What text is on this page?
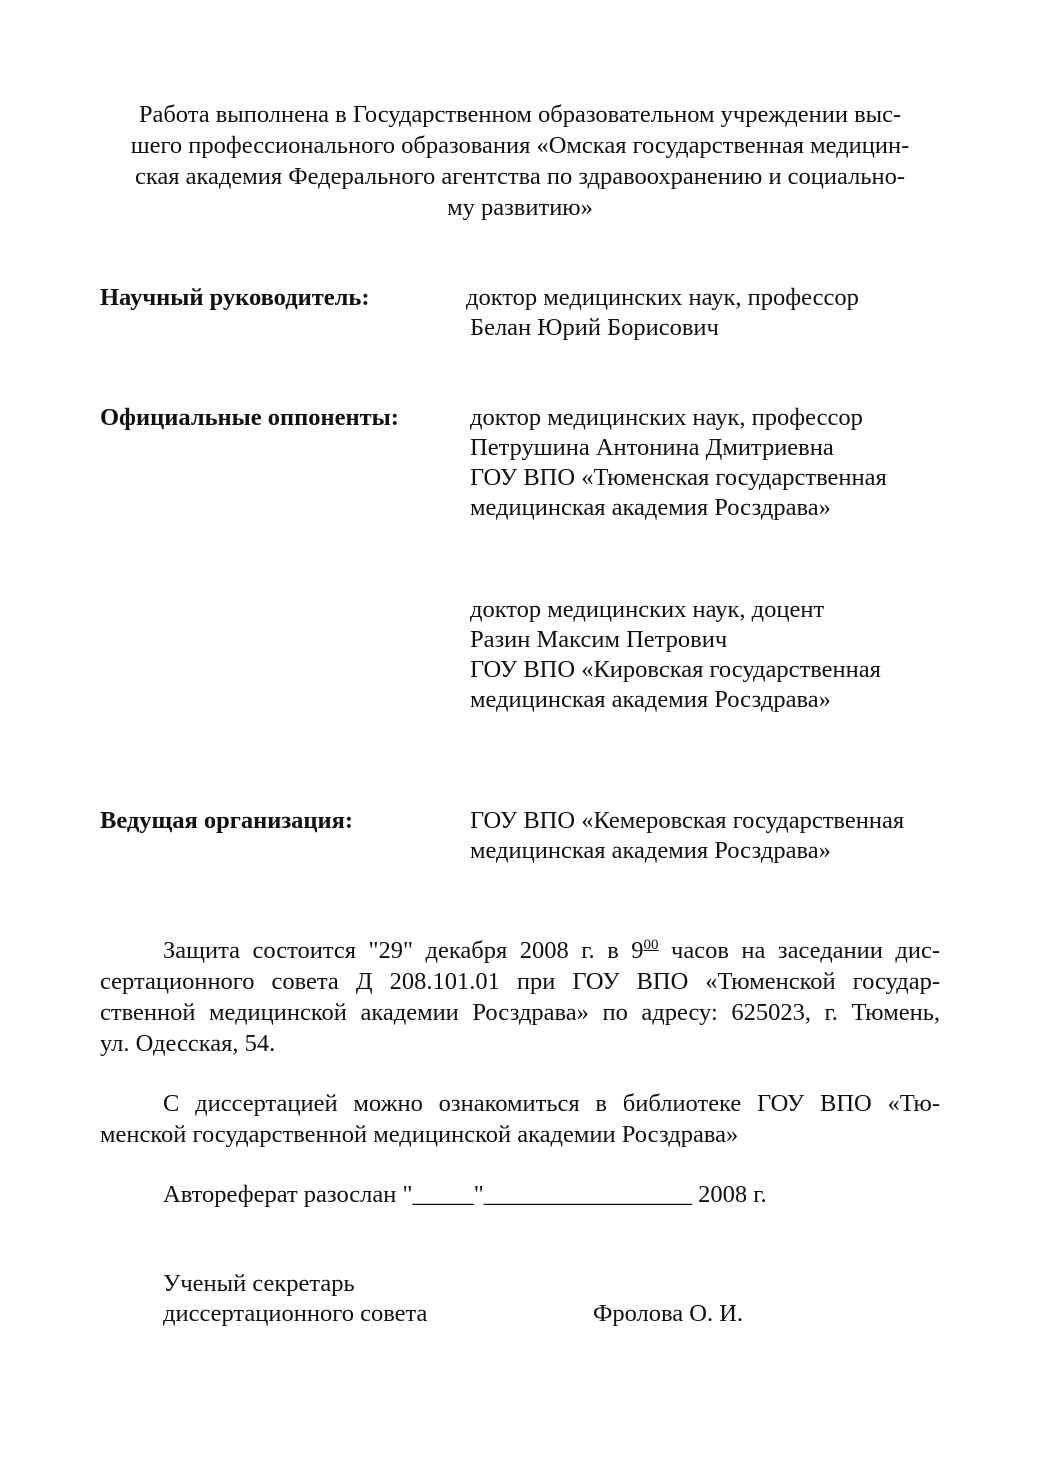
Работа выполнена в Государственном образовательном учреждении выс-
шего профессионального образования «Омская государственная медицин-
ская академия Федерального агентства по здравоохранению и социально-
му развитию»
Научный руководитель:	доктор медицинских наук, профессор
Белан Юрий Борисович
Официальные оппоненты:	доктор медицинских наук, профессор
Петрушина Антонина Дмитриевна
ГОУ ВПО «Тюменская государственная
медицинская академия Росздрава»
доктор медицинских наук, доцент
Разин Максим Петрович
ГОУ ВПО «Кировская государственная
медицинская академия Росздрава»
Ведущая организация:	ГОУ ВПО «Кемеровская государственная
медицинская академия Росздрава»
Защита состоится "29" декабря 2008 г. в $9^{00}$ часов на заседании дис-
сертационного совета Д 208.101.01 при ГОУ ВПО «Тюменской государ-
ственной медицинской академии Росздрава» по адресу: 625023, г. Тюмень,
ул. Одесская, 54.
С диссертацией можно ознакомиться в библиотеке ГОУ ВПО «Тю-
менской государственной медицинской академии Росздрава»
Автореферат разослан "_____"_________________ 2008 г.
Ученый секретарь
диссертационного совета	Фролова О. И.
